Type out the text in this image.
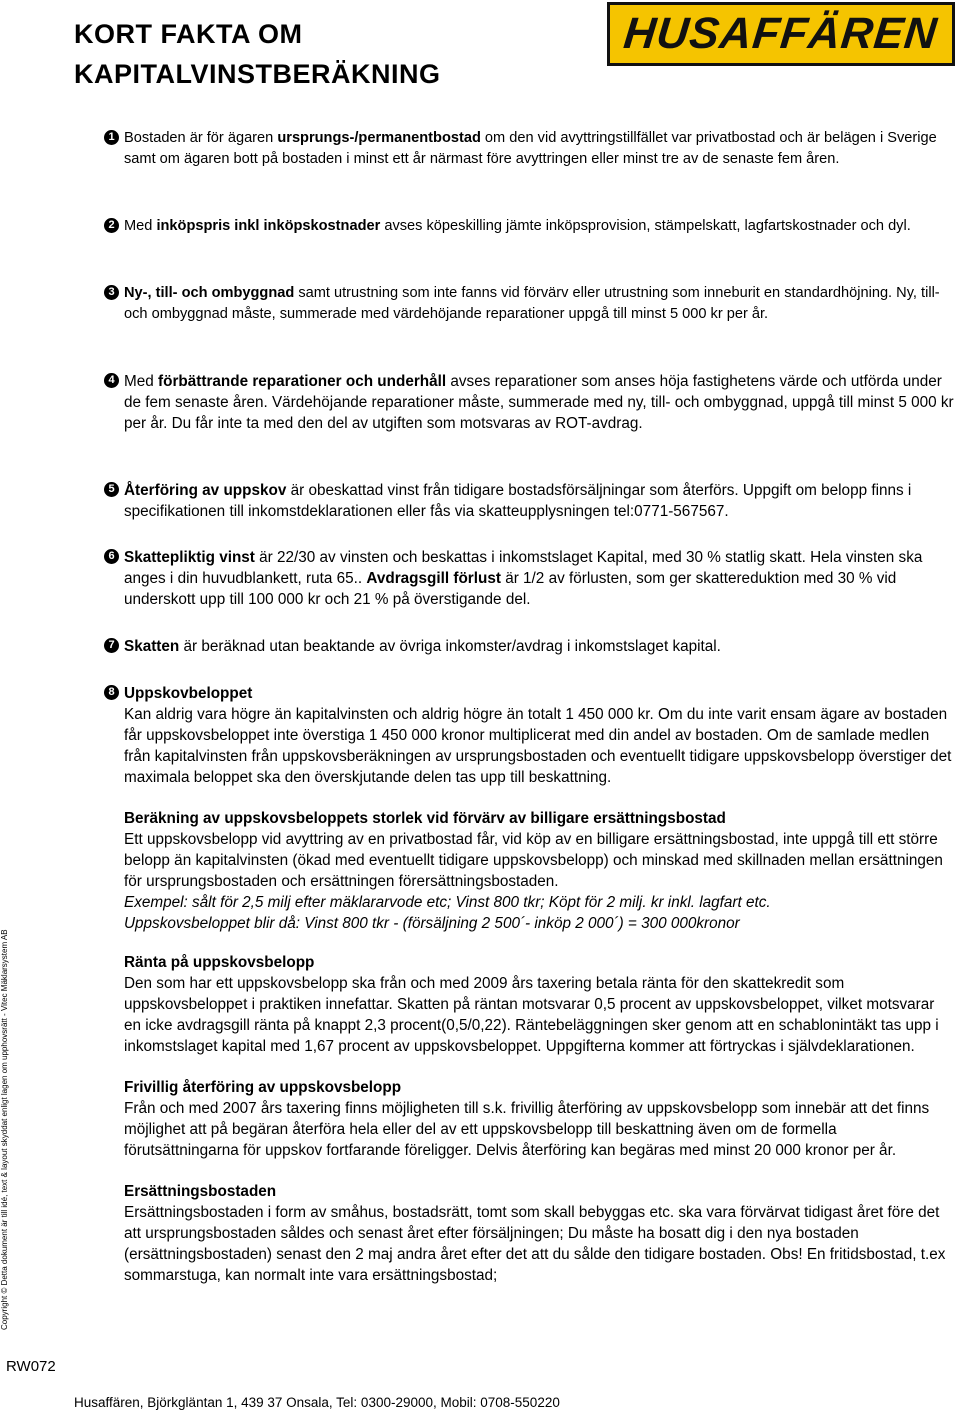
KORT FAKTA OM
KAPITALVINSTBERÄKNING
HUSAFFÄREN
1 Bostaden är för ägaren ursprungs-/permanentbostad om den vid avyttringstillfället var privatbostad och är belägen i Sverige samt om ägaren bott på bostaden i minst ett år närmast före avyttringen eller minst tre av de senaste fem åren.

2 Med inköpspris inkl inköpskostnader avses köpeskilling jämte inköpsprovision, stämpelskatt, lagfartskostnader och dyl.

3 Ny-, till- och ombyggnad samt utrustning som inte fanns vid förvärv eller utrustning som inneburit en standardhöjning. Ny, till- och ombyggnad måste, summerade med värdehöjande reparationer uppgå till minst 5 000 kr per år.

4 Med förbättrande reparationer och underhåll avses reparationer som anses höja fastighetens värde och utförda under de fem senaste åren. Värdehöjande reparationer måste, summerade med ny, till- och ombyggnad, uppgå till minst 5 000 kr per år. Du får inte ta med den del av utgiften som motsvaras av ROT-avdrag.

5 Återföring av uppskov är obeskattad vinst från tidigare bostadsförsäljningar som återförs. Uppgift om belopp finns i specifikationen till inkomstdeklarationen eller fås via skatteupplysningen tel:0771-567567.

6 Skattepliktig vinst är 22/30 av vinsten och beskattas i inkomstslaget Kapital, med 30 % statlig skatt. Hela vinsten ska anges i din huvudblankett, ruta 65.. Avdragsgill förlust är 1/2 av förlusten, som ger skattereduktion med 30 % vid underskott upp till 100 000 kr och 21 % på överstigande del.

7 Skatten är beräknad utan beaktande av övriga inkomster/avdrag i inkomstslaget kapital.

8 Uppskovbeloppet

Kan aldrig vara högre än kapitalvinsten och aldrig högre än totalt 1 450 000 kr. Om du inte varit ensam ägare av bostaden får uppskovsbeloppet inte överstiga 1 450 000 kronor multiplicerat med din andel av bostaden. Om de samlade medlen från kapitalvinsten från uppskovsberäkningen av ursprungsbostaden och eventuellt tidigare uppskovsbelopp överstiger det maximala beloppet ska den överskjutande delen tas upp till beskattning.

Beräkning av uppskovsbeloppets storlek vid förvärv av billigare ersättningsbostad

Ett uppskovsbelopp vid avyttring av en privatbostad får, vid köp av en billigare ersättningsbostad, inte uppgå till ett större belopp än kapitalvinsten (ökad med eventuellt tidigare uppskovsbelopp) och minskad med skillnaden mellan ersättningen för ursprungsbostaden och ersättningen förersättningsbostaden.

Exempel: sålt för 2,5 milj efter mäklararvode etc; Vinst 800 tkr; Köpt för 2 milj. kr inkl. lagfart etc.

Uppskovsbeloppet blir då: Vinst 800 tkr - (försäljning 2 500´- inköp 2 000´) = 300 000kronor

Ränta på uppskovsbelopp

Den som har ett uppskovsbelopp ska från och med 2009 års taxering betala ränta för den skattekredit som uppskovsbeloppet i praktiken innefattar. Skatten på räntan motsvarar 0,5 procent av uppskovsbeloppet, vilket motsvarar en icke avdragsgill ränta på knappt 2,3 procent(0,5/0,22). Räntebeläggningen sker genom att en schablonintäkt tas upp i inkomstslaget kapital med 1,67 procent av uppskovsbeloppet. Uppgifterna kommer att förtryckas i självdeklarationen.

Frivillig återföring av uppskovsbelopp

Från och med 2007 års taxering finns möjligheten till s.k. frivillig återföring av uppskovsbelopp som innebär att det finns möjlighet att på begäran återföra hela eller del av ett uppskovsbelopp till beskattning även om de formella förutsättningarna för uppskov fortfarande föreligger. Delvis återföring kan begäras med minst 20 000 kronor per år.

Ersättningsbostaden

Ersättningsbostaden i form av småhus, bostadsrätt, tomt som skall bebyggas etc. ska vara förvärvat tidigast året före det att ursprungsbostaden såldes och senast året efter försäljningen; Du måste ha bosatt dig i den nya bostaden (ersättningsbostaden) senast den 2 maj andra året efter det att du sålde den tidigare bostaden. Obs! En fritidsbostad, t.ex sommarstuga, kan normalt inte vara ersättningsbostad;

Copyright © Detta dokument är till idé, text & layout skyddat enligt lagen om upphovsrätt - Vitec Mäklarsystem AB
RW072
Husaffären, Björkgläntan 1, 439 37 Onsala, Tel: 0300-29000, Mobil: 0708-550220
